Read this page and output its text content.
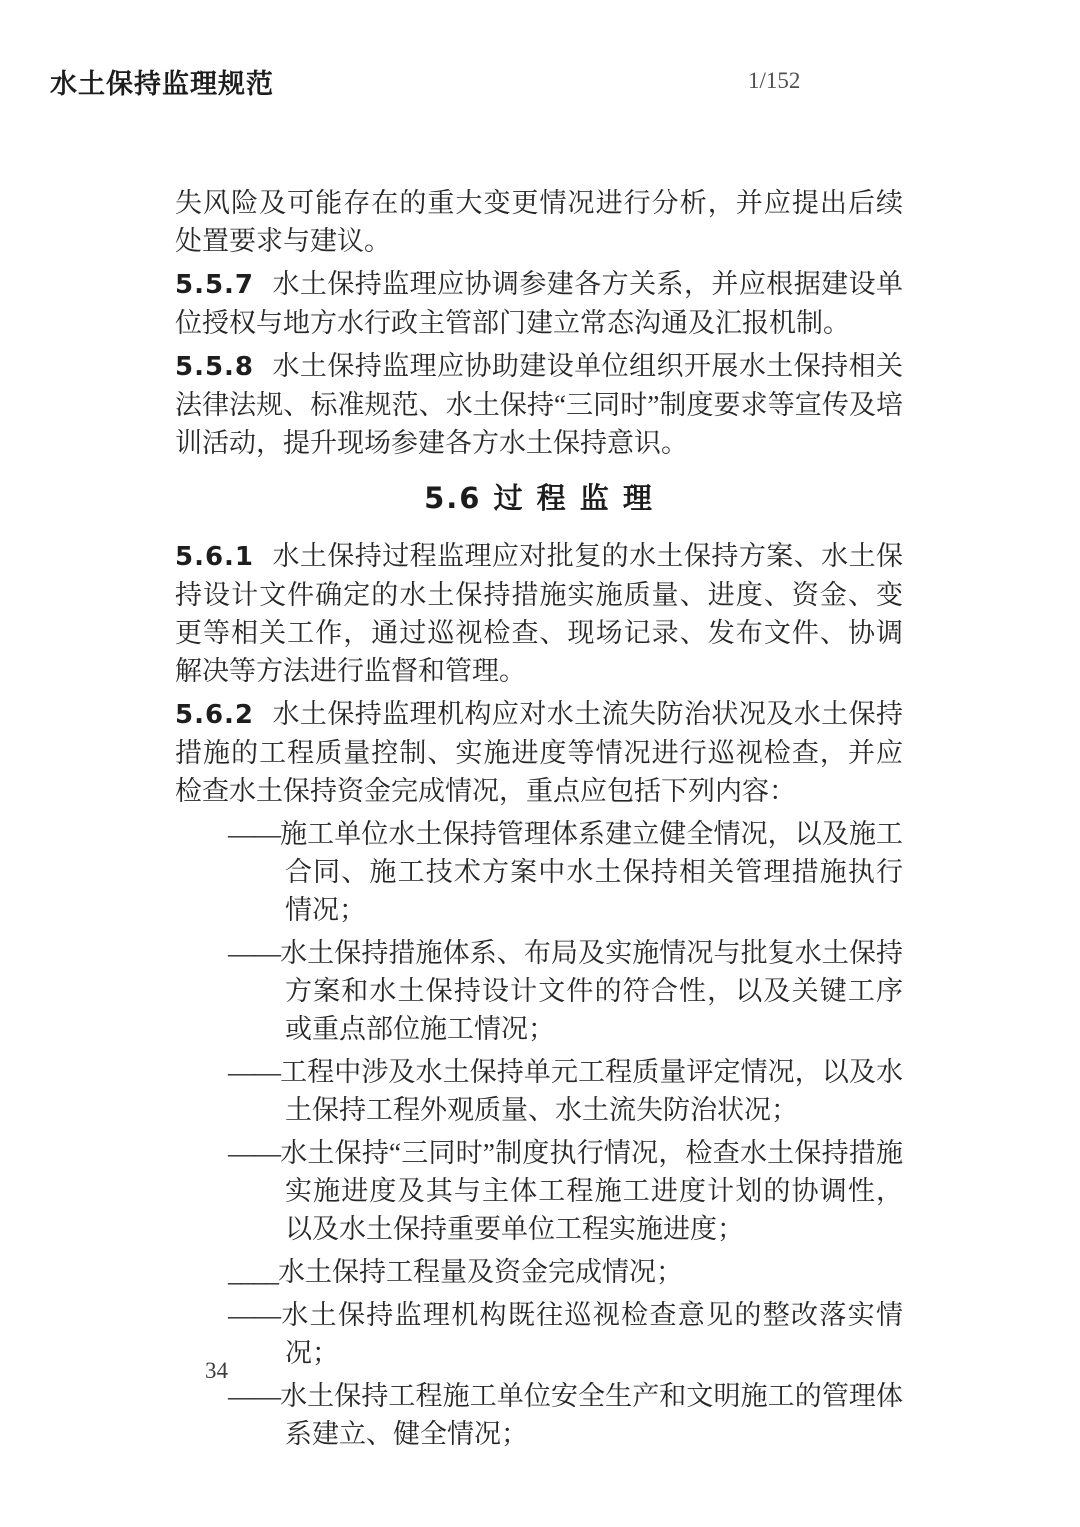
水土保持监理规范	1/152

失风险及可能存在的重大变更情况进行分析，并应提出后续处置要求与建议。

5.5.7 水土保持监理应协调参建各方关系，并应根据建设单位授权与地方水行政主管部门建立常态沟通及汇报机制。

5.5.8 水土保持监理应协助建设单位组织开展水土保持相关法律法规、标准规范、水土保持“三同时”制度要求等宣传及培训活动，提升现场参建各方水土保持意识。

5.6 过 程 监 理

5.6.1 水土保持过程监理应对批复的水土保持方案、水土保持设计文件确定的水土保持措施实施质量、进度、资金、变更等相关工作，通过巡视检查、现场记录、发布文件、协调解决等方法进行监督和管理。

5.6.2 水土保持监理机构应对水土流失防治状况及水土保持措施的工程质量控制、实施进度等情况进行巡视检查，并应检查水土保持资金完成情况，重点应包括下列内容：

——施工单位水土保持管理体系建立健全情况，以及施工合同、施工技术方案中水土保持相关管理措施执行情况；

——水土保持措施体系、布局及实施情况与批复水土保持方案和水土保持设计文件的符合性，以及关键工序或重点部位施工情况；

——工程中涉及水土保持单元工程质量评定情况，以及水土保持工程外观质量、水土流失防治状况；

——水土保持“三同时”制度执行情况，检查水土保持措施实施进度及其与主体工程施工进度计划的协调性，以及水土保持重要单位工程实施进度；

____水土保持工程量及资金完成情况；

——水土保持监理机构既往巡视检查意见的整改落实情况；

——水土保持工程施工单位安全生产和文明施工的管理体系建立、健全情况；

34
